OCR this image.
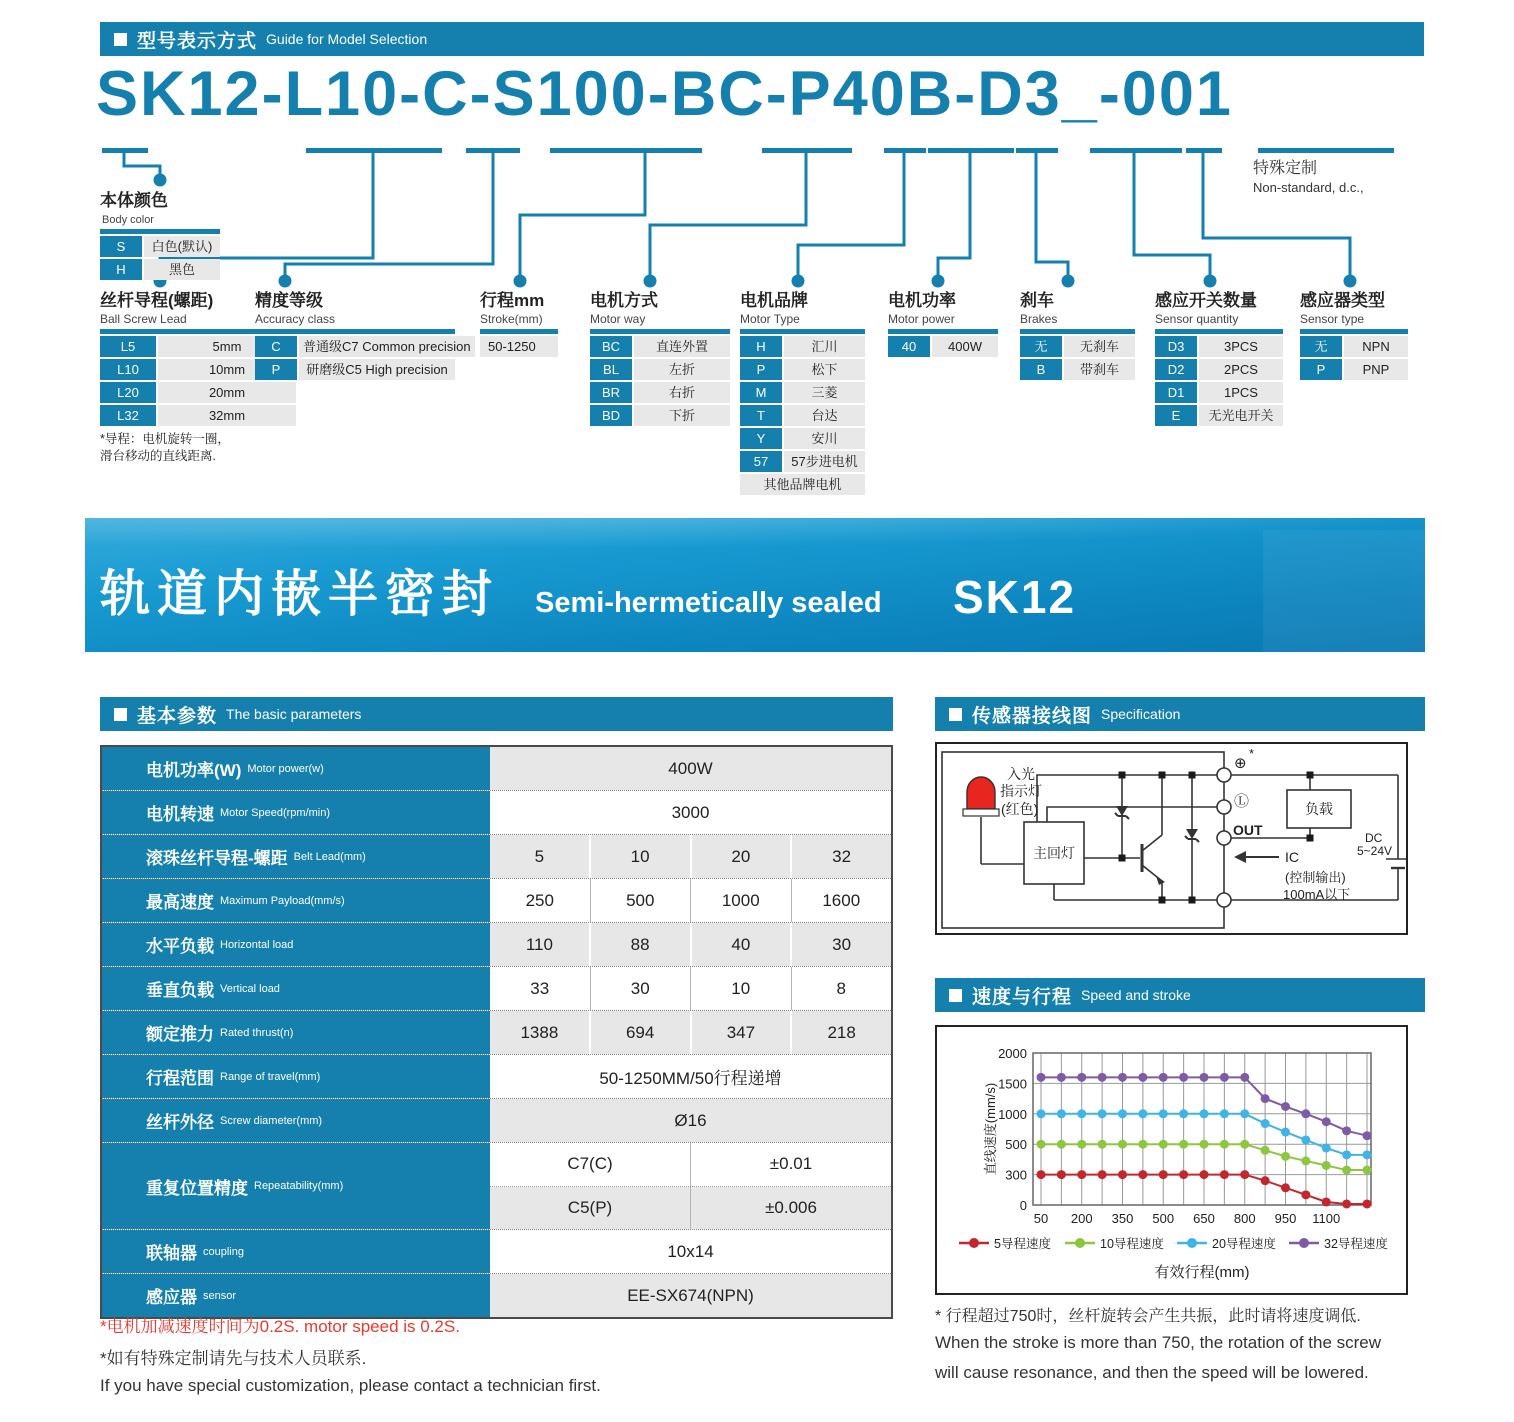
型号表示方式 Guide for Model Selection
SK12-L10-C-S100-BC-P40B-D3_-001
特殊定制
Non-standard, d.c.,
本体颜色Body color
S	白色(默认)
H	黑色
丝杆导程(螺距)
Ball Screw Lead
L5	5mm
L10	10mm
L20	20mm
L32	32mm
*导程：电机旋转一圈，
滑台移动的直线距离.
精度等级
Accuracy class
C	普通级C7 Common precision
P	研磨级C5 High precision
行程mm
Stroke(mm)
50-1250
电机方式
Motor way
BC	直连外置
BL	左折
BR	右折
BD	下折
电机品牌
Motor Type
H	汇川
P	松下
M	三菱
T	台达
Y	安川
57	57步进电机
其他品牌电机
电机功率
Motor power
40	400W
刹车
Brakes
无	无刹车
B	带刹车
感应开关数量
Sensor quantity
D3	3PCS
D2	2PCS
D1	1PCS
E	无光电开关
感应器类型
Sensor type
无	NPN
P	PNP
轨道内嵌半密封 Semi-hermetically sealed SK12
基本参数 The basic parameters
电机功率(W) Motor power(w)	400W
电机转速 Motor Speed(rpm/min)	3000
滚珠丝杆导程-螺距 Belt Lead(mm)	5	10	20	32
最高速度 Maximum Payload(mm/s)	250	500	1000	1600
水平负载 Horizontal load	110	88	40	30
垂直负载 Vertical load	33	30	10	8
额定推力 Rated thrust(n)	1388	694	347	218
行程范围 Range of travel(mm)	50-1250MM/50行程递增
丝杆外径 Screw diameter(mm)	Ø16
重复位置精度 Repeatability(mm)
C7(C)	±0.01
C5(P)	±0.006
联轴器 coupling	10x14
感应器 sensor	EE-SX674(NPN)
*电机加减速度时间为0.2S. motor speed is 0.2S.
*如有特殊定制请先与技术人员联系.
If you have special customization, please contact a technician first.
传感器接线图 Specification
⊕
*
Ⓛ
OUT
IC
入光
指示灯
(红色)
主回灯
负载
(控制输出)
100mA以下
DC
5~24V
速度与行程 Speed and stroke
0
300
500
1000
1500
2000
直线速度(mm/s)
50 200 350 500 650 800 950 1100
有效行程(mm)
5导程速度	10导程速度	20导程速度	32导程速度
* 行程超过750时，丝杆旋转会产生共振，此时请将速度调低.
When the stroke is more than 750, the rotation of the screw
will cause resonance, and then the speed will be lowered.
